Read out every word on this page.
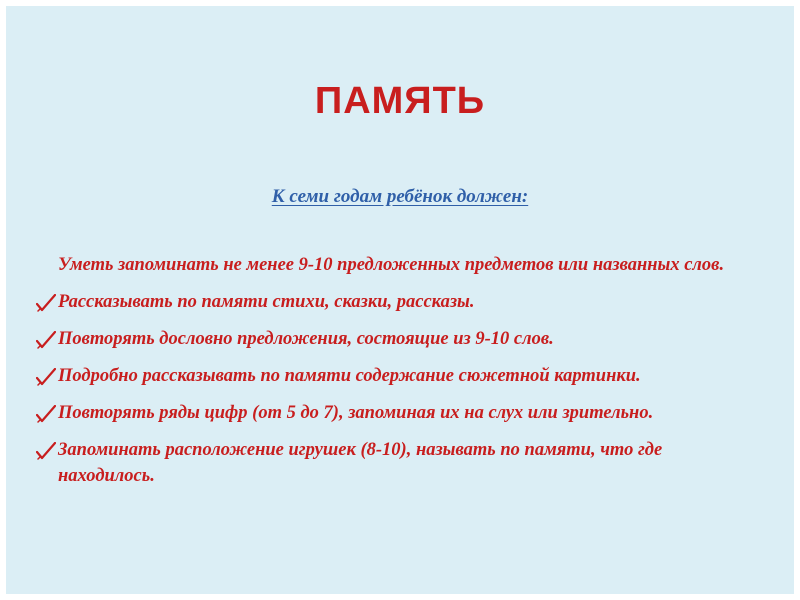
ПАМЯТЬ
К семи годам ребёнок должен:
Уметь запоминать не менее 9-10 предложенных предметов или названных слов.
Рассказывать по памяти стихи, сказки, рассказы.
Повторять дословно предложения, состоящие из 9-10 слов.
Подробно рассказывать по памяти содержание сюжетной картинки.
Повторять ряды цифр (от 5 до 7), запоминая их на слух или зрительно.
Запоминать расположение игрушек (8-10), называть по памяти, что где находилось.
